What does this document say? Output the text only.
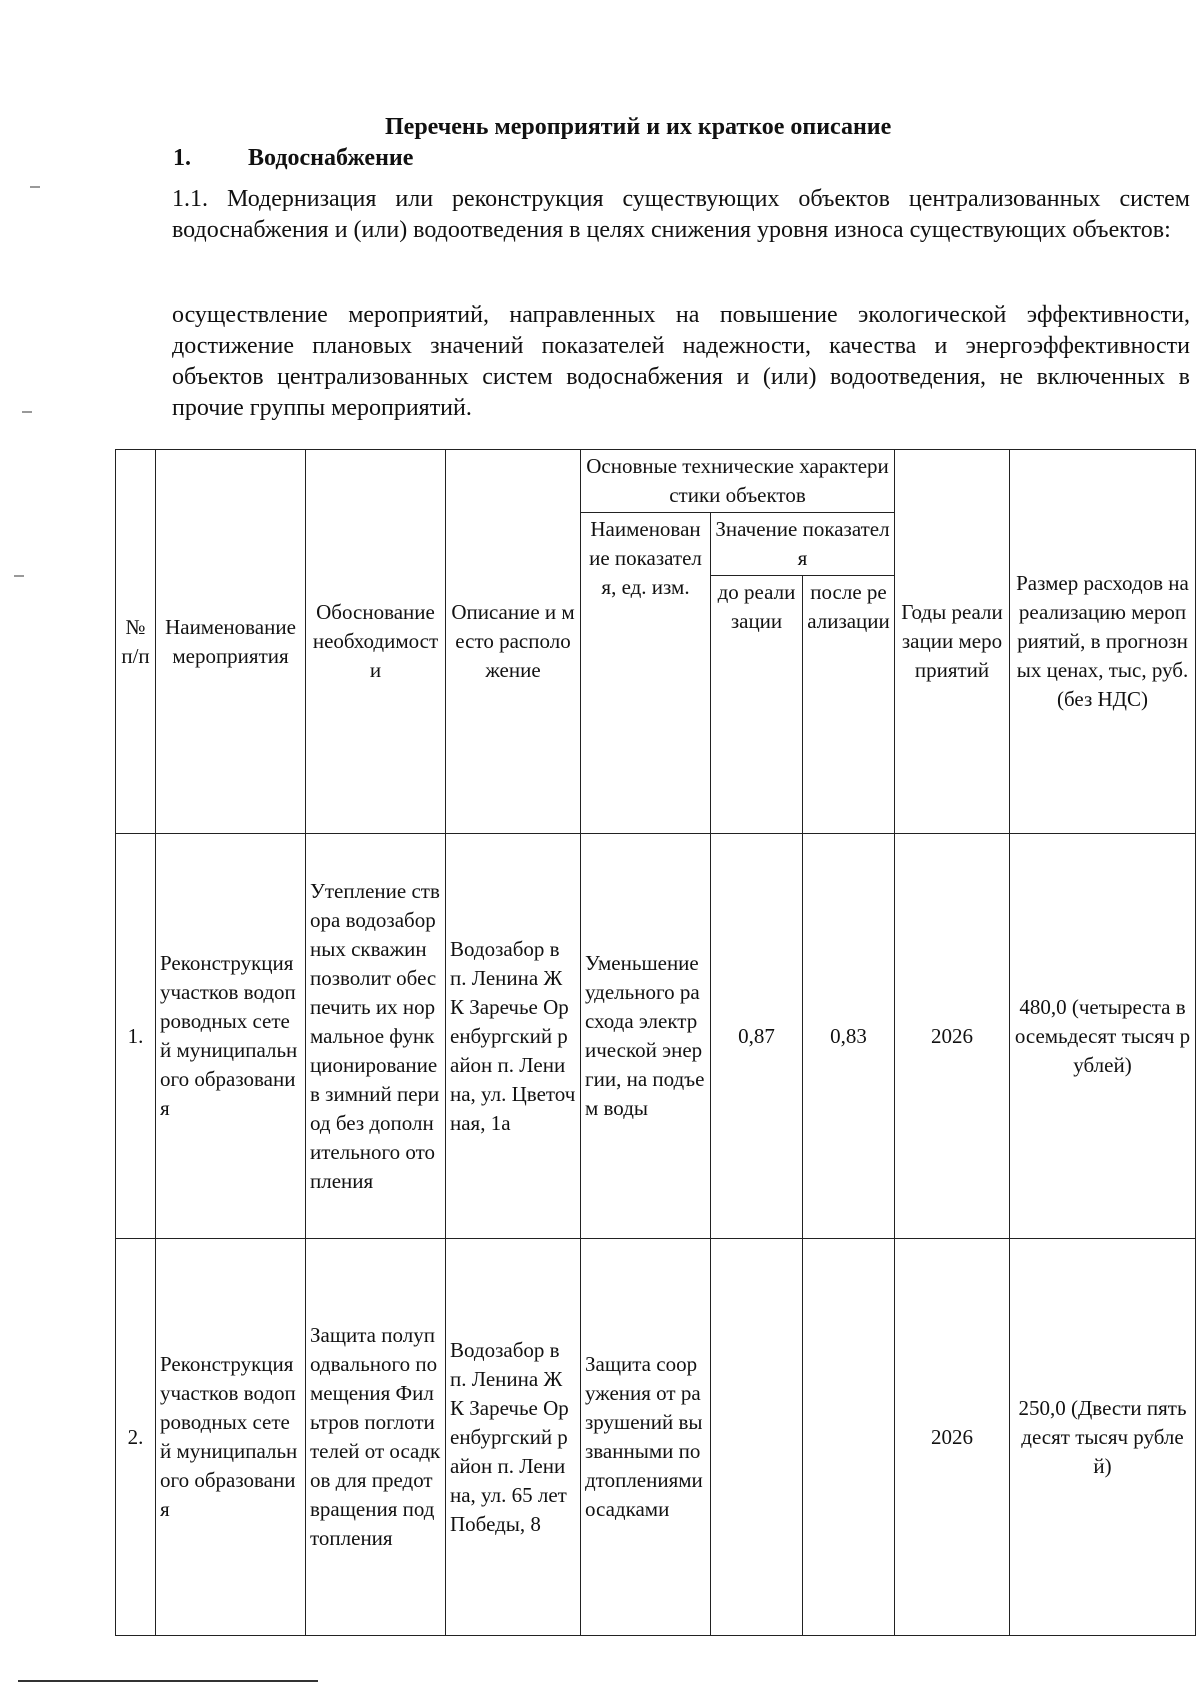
Перечень мероприятий и их краткое описание
1. Водоснабжение
1.1. Модернизация или реконструкция существующих объектов централизованных систем водоснабжения и (или) водоотведения в целях снижения уровня износа существующих объектов:
осуществление мероприятий, направленных на повышение экологической эффективности, достижение плановых значений показателей надежности, качества и энергоэффективности объектов централизованных систем водоснабжения и (или) водоотведения, не включенных в прочие группы мероприятий.
№ п/п	Наименование мероприятия	Обоснование необходимости	Описание и место расположение	Основные технические характеристики объектов			Годы реализации мероприятий	Размер расходов на реализацию мероприятий, в прогнозных ценах, тыс, руб. (без НДС)
				Наименование показателя, ед. изм.	Значение показателя			
					до реализации	после реализации		
1.	Реконструкция участков водопроводных сетей муниципального образования	Утепление створа водозаборных скважин позволит обеспечить их нормальное функционирование в зимний период без дополнительного отопления	Водозабор в п. Ленина ЖК Заречье Оренбургский район п. Ленина, ул. Цветочная, 1а	Уменьшение удельного расхода электрической энергии, на подъем воды	0,87	0,83	2026	480,0 (четыреста восемьдесят тысяч рублей)
2.	Реконструкция участков водопроводных сетей муниципального образования	Защита полуподвального помещения Фильтров поглотителей от осадков для предотвращения подтопления	Водозабор в п. Ленина ЖК Заречье Оренбургский район п. Ленина, ул. 65 лет Победы, 8	Защита сооружения от разрушений вызванными подтоплениями осадками			2026	250,0 (Двести пятьдесят тысяч рублей)
